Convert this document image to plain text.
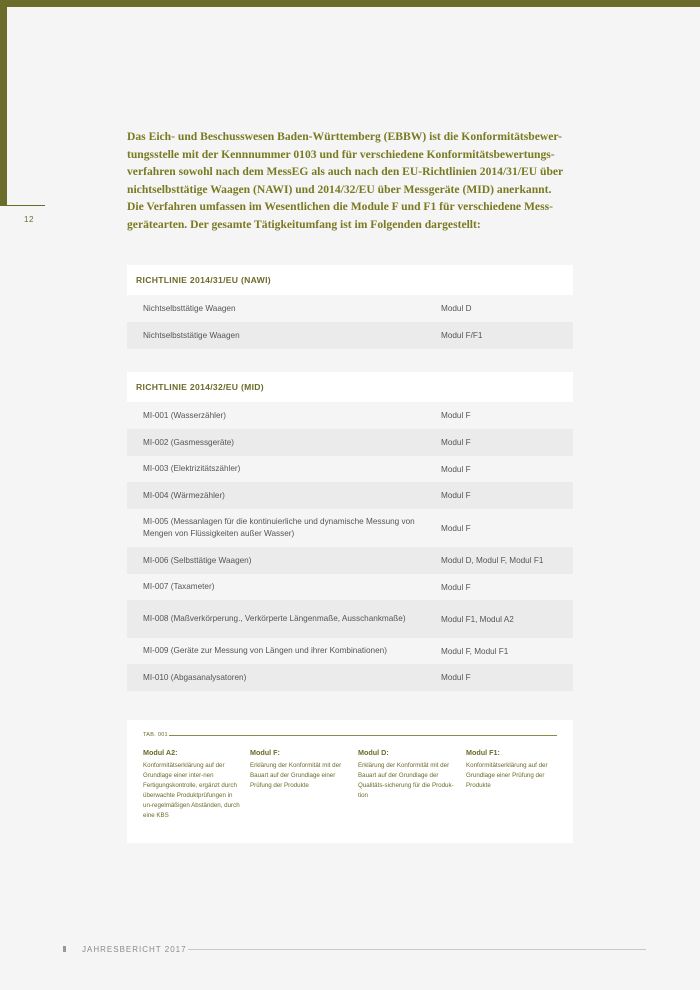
12
Das Eich- und Beschusswesen Baden-Württemberg (EBBW) ist die Konformitätsbewer-
tungsstelle mit der Kennnummer 0103 und für verschiedene Konformitätsbewertungs-
verfahren sowohl nach dem MessEG als auch nach den EU-Richtlinien 2014/31/EU über
nichtselbsttätige Waagen (NAWI) und 2014/32/EU über Messgeräte (MID) anerkannt.
Die Verfahren umfassen im Wesentlichen die Module F und F1 für verschiedene Mess-
gerätearten. Der gesamte Tätigkeitumfang ist im Folgenden dargestellt:
RICHTLINIE 2014/31/EU (NAWI)
Nichtselbsttätige Waagen	Modul D
Nichtselbststätige Waagen	Modul F/F1
RICHTLINIE 2014/32/EU (MID)
MI-001 (Wasserzähler)	Modul F
MI-002 (Gasmessgeräte)	Modul F
MI-003 (Elektrizitätszähler)	Modul F
MI-004 (Wärmezähler)	Modul F
MI-005 (Messanlagen für die kontinuierliche und dynamische Messung von Mengen von Flüssigkeiten außer Wasser)
Modul F
MI-006 (Selbsttätige Waagen)	Modul D, Modul F, Modul F1
MI-007 (Taxameter)	Modul F
MI-008 (Maßverkörperung., Verkörperte Längenmaße, Ausschankmaße)	Modul F1, Modul A2
MI-009 (Geräte zur Messung von Längen und ihrer Kombinationen)	Modul F, Modul F1
MI-010 (Abgasanalysatoren)	Modul F
TAB. 001
Modul A2:
Konformitätserklärung auf der Grundlage einer inter-nen Fertigungskontrolle, ergänzt durch überwachte Produktprüfungen in un-regelmäßigen Abständen, durch eine KBS
Modul F:
Erklärung der Konformität mit der Bauart auf der Grundlage einer Prüfung der Produkte
Modul D:
Erklärung der Konformität mit der Bauart auf der Grundlage der Qualitäts-sicherung für die Produk-tion
Modul F1:
Konformitätserklärung auf der Grundlage einer Prüfung der Produkte
JAHRESBERICHT 2017
